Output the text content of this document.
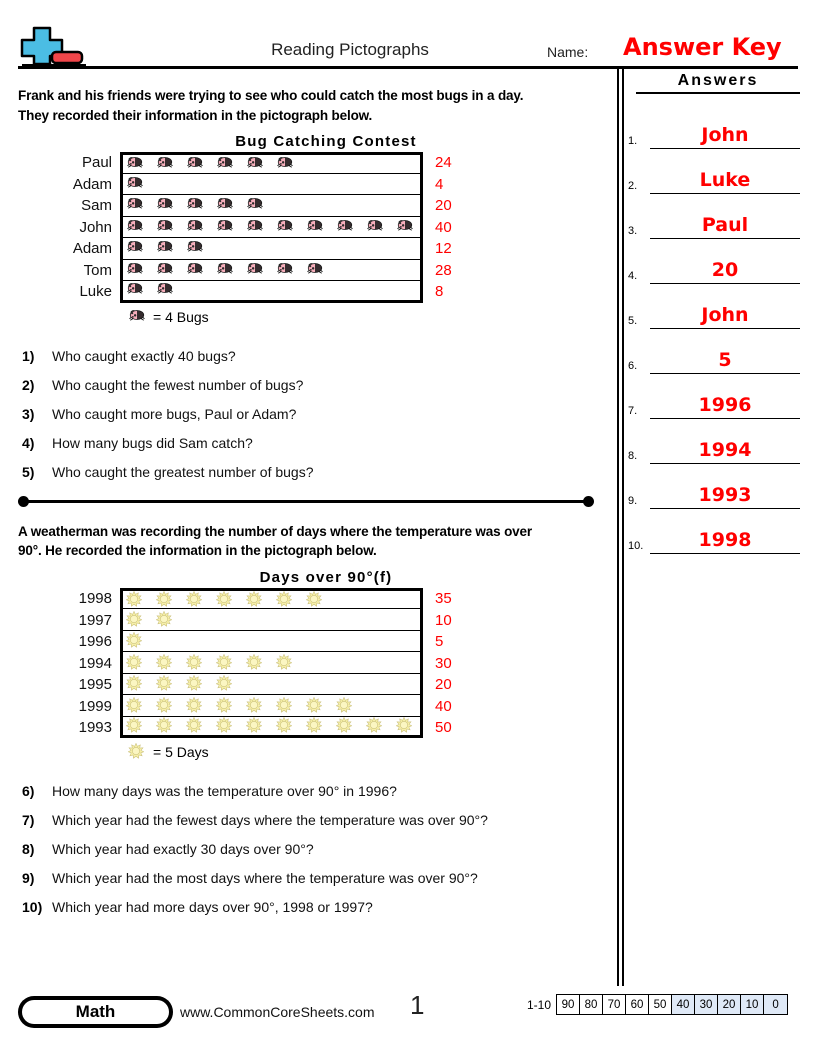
Reading Pictographs	Name: Answer Key
Answers
1.	John
2.	Luke
3.	Paul
4.	20
5.	John
6.	5
7.	1996
8.	1994
9.	1993
10.	1998
Frank and his friends were trying to see who could catch the most bugs in a day.
They recorded their information in the pictograph below.
Bug Catching Contest
Paul	24
Adam	4
Sam	20
John	40
Adam	12
Tom	28
Luke	8
= 4 Bugs
1)	Who caught exactly 40 bugs?
2)	Who caught the fewest number of bugs?
3)	Who caught more bugs, Paul or Adam?
4)	How many bugs did Sam catch?
5)	Who caught the greatest number of bugs?
A weatherman was recording the number of days where the temperature was over
90°. He recorded the information in the pictograph below.
Days over 90°(f)
1998	35
1997	10
1996	5
1994	30
1995	20
1999	40
1993	50
= 5 Days
6)	How many days was the temperature over 90° in 1996?
7)	Which year had the fewest days where the temperature was over 90°?
8)	Which year had exactly 30 days over 90°?
9)	Which year had the most days where the temperature was over 90°?
10) Which year had more days over 90°, 1998 or 1997?
Math	www.CommonCoreSheets.com 1	1-10 90 80 70 60 50 40 30 20 10	0
